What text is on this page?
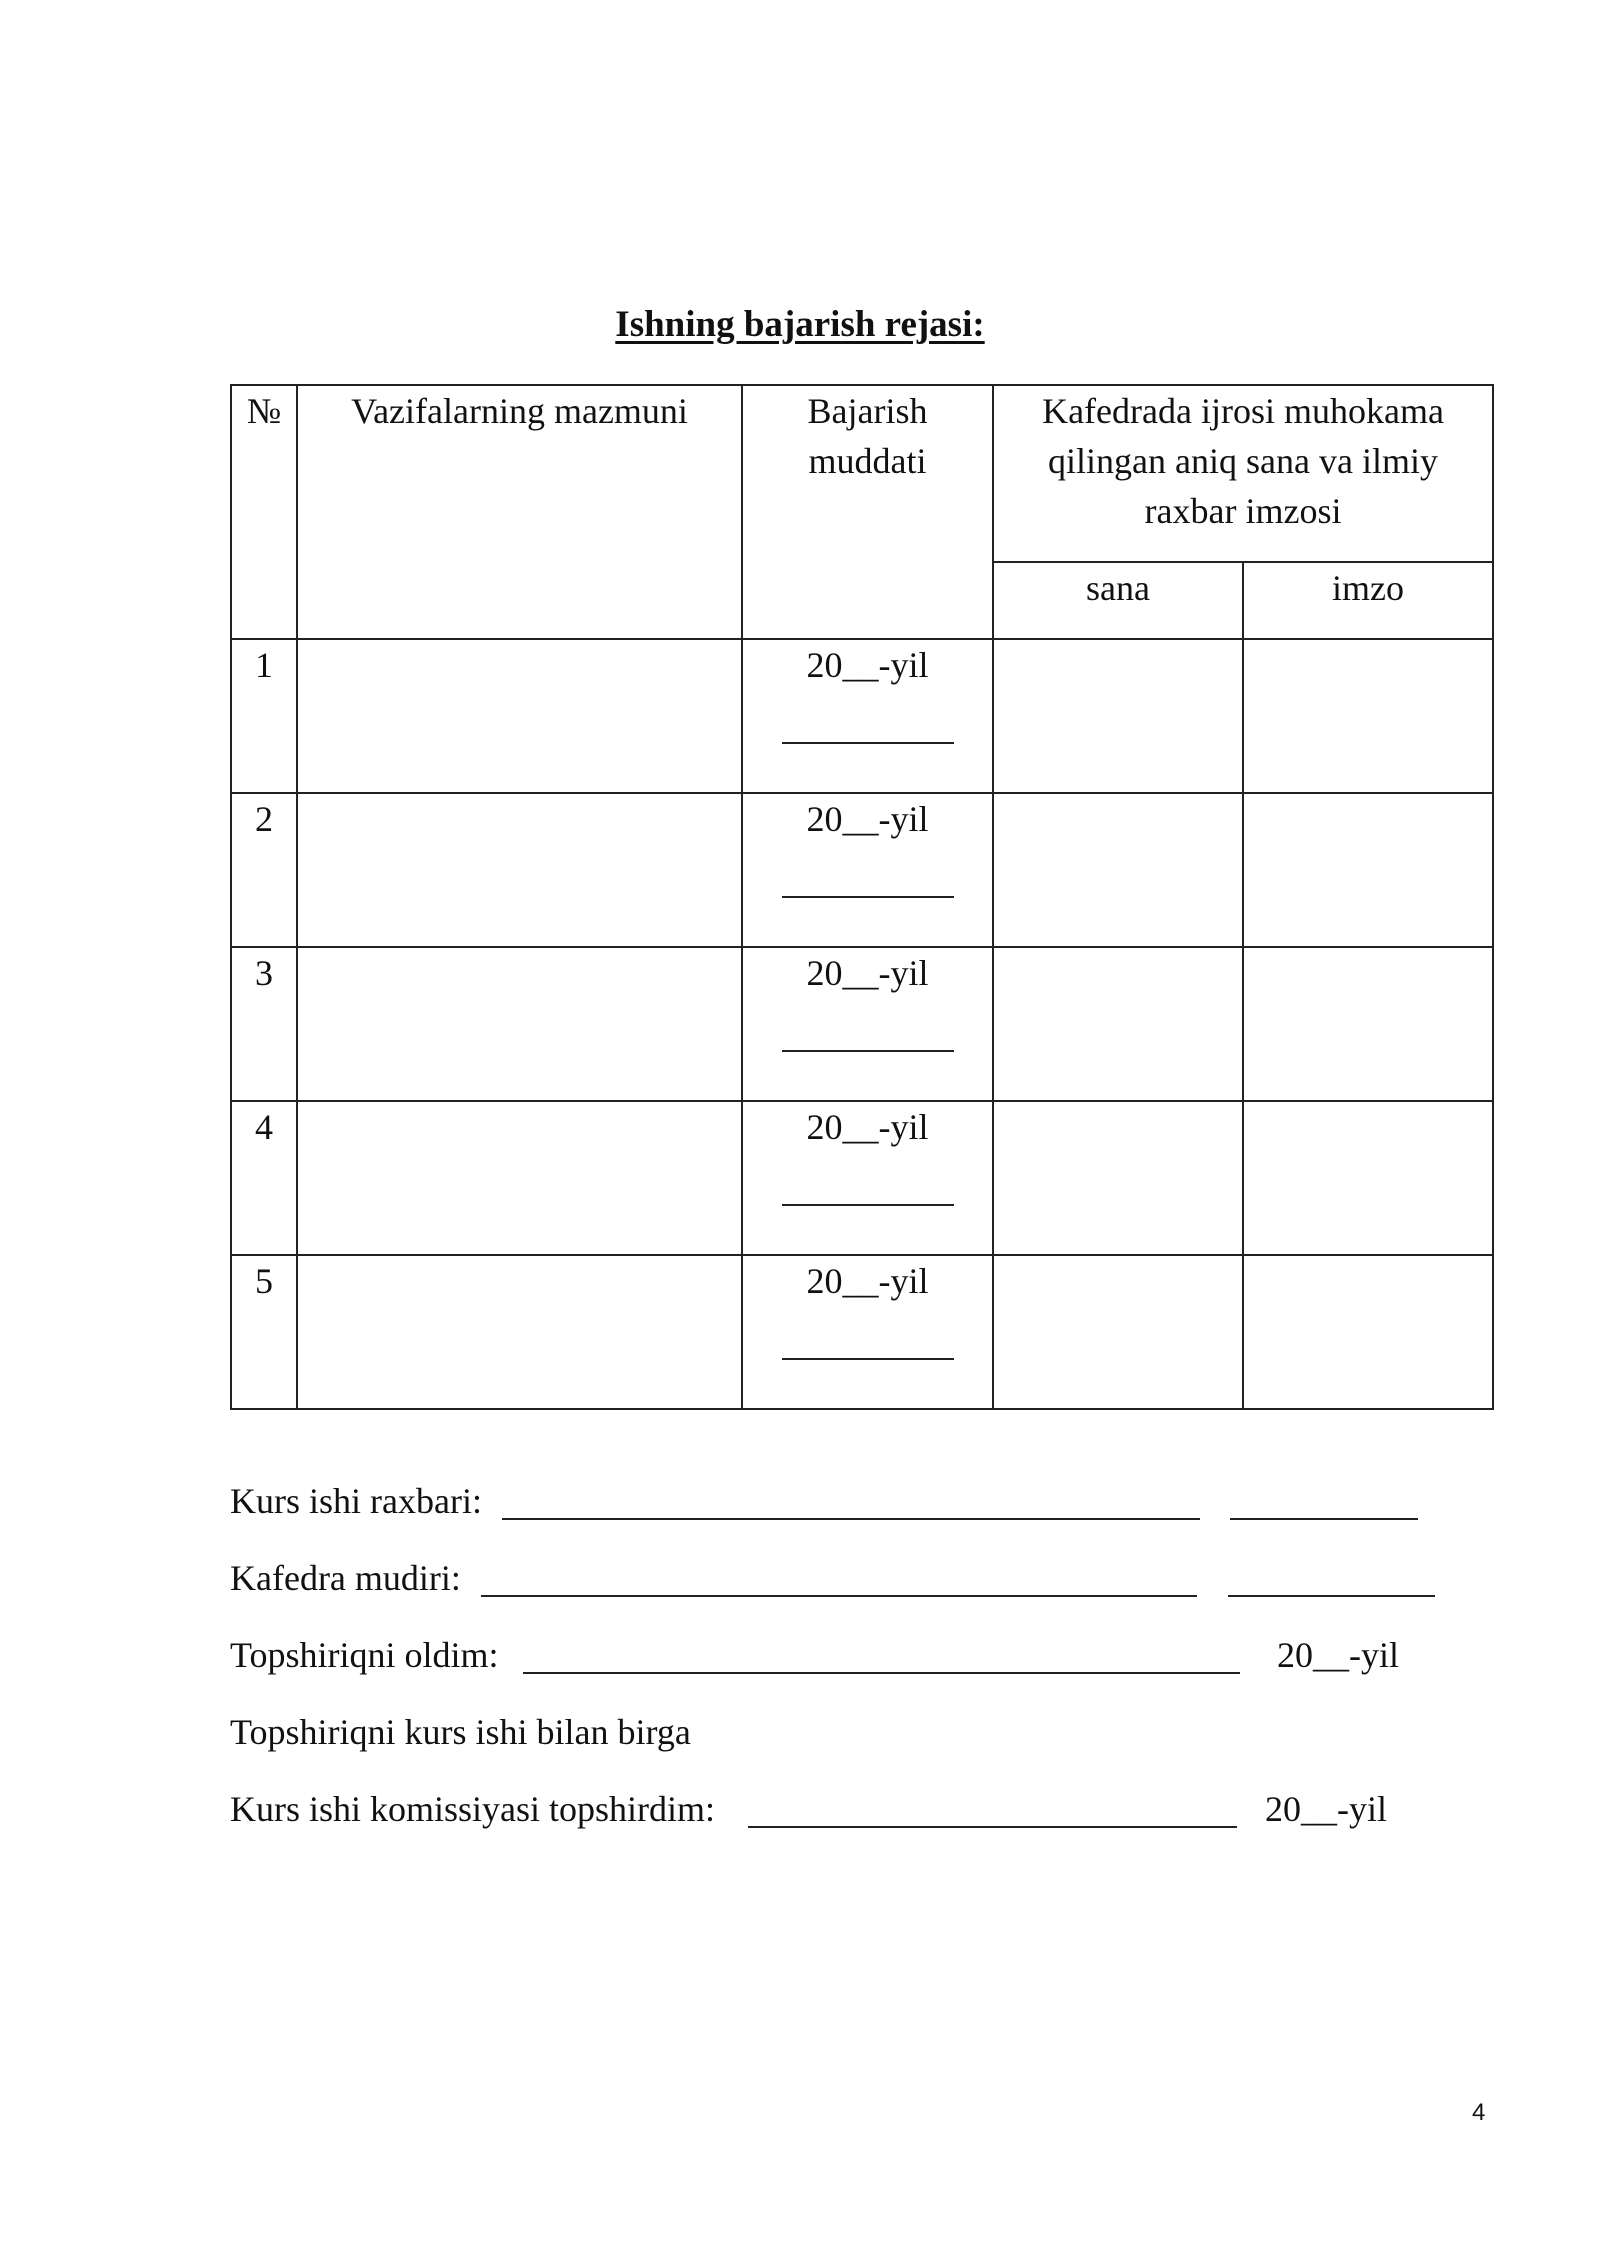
Ishning bajarish rejasi:
№	Vazifalarning mazmuni	Bajarish muddati	Kafedrada ijrosi muhokama qilingan aniq sana va ilmiy raxbar imzosi	

			sana	imzo
1		20__-yil		

2		20__-yil		

3		20__-yil		

4		20__-yil		

5		20__-yil		

Kurs ishi raxbari:
Kafedra mudiri:
Topshiriqni oldim:	20__-yil
Topshiriqni kurs ishi bilan birga
Kurs ishi komissiyasi topshirdim:	20__-yil
4
